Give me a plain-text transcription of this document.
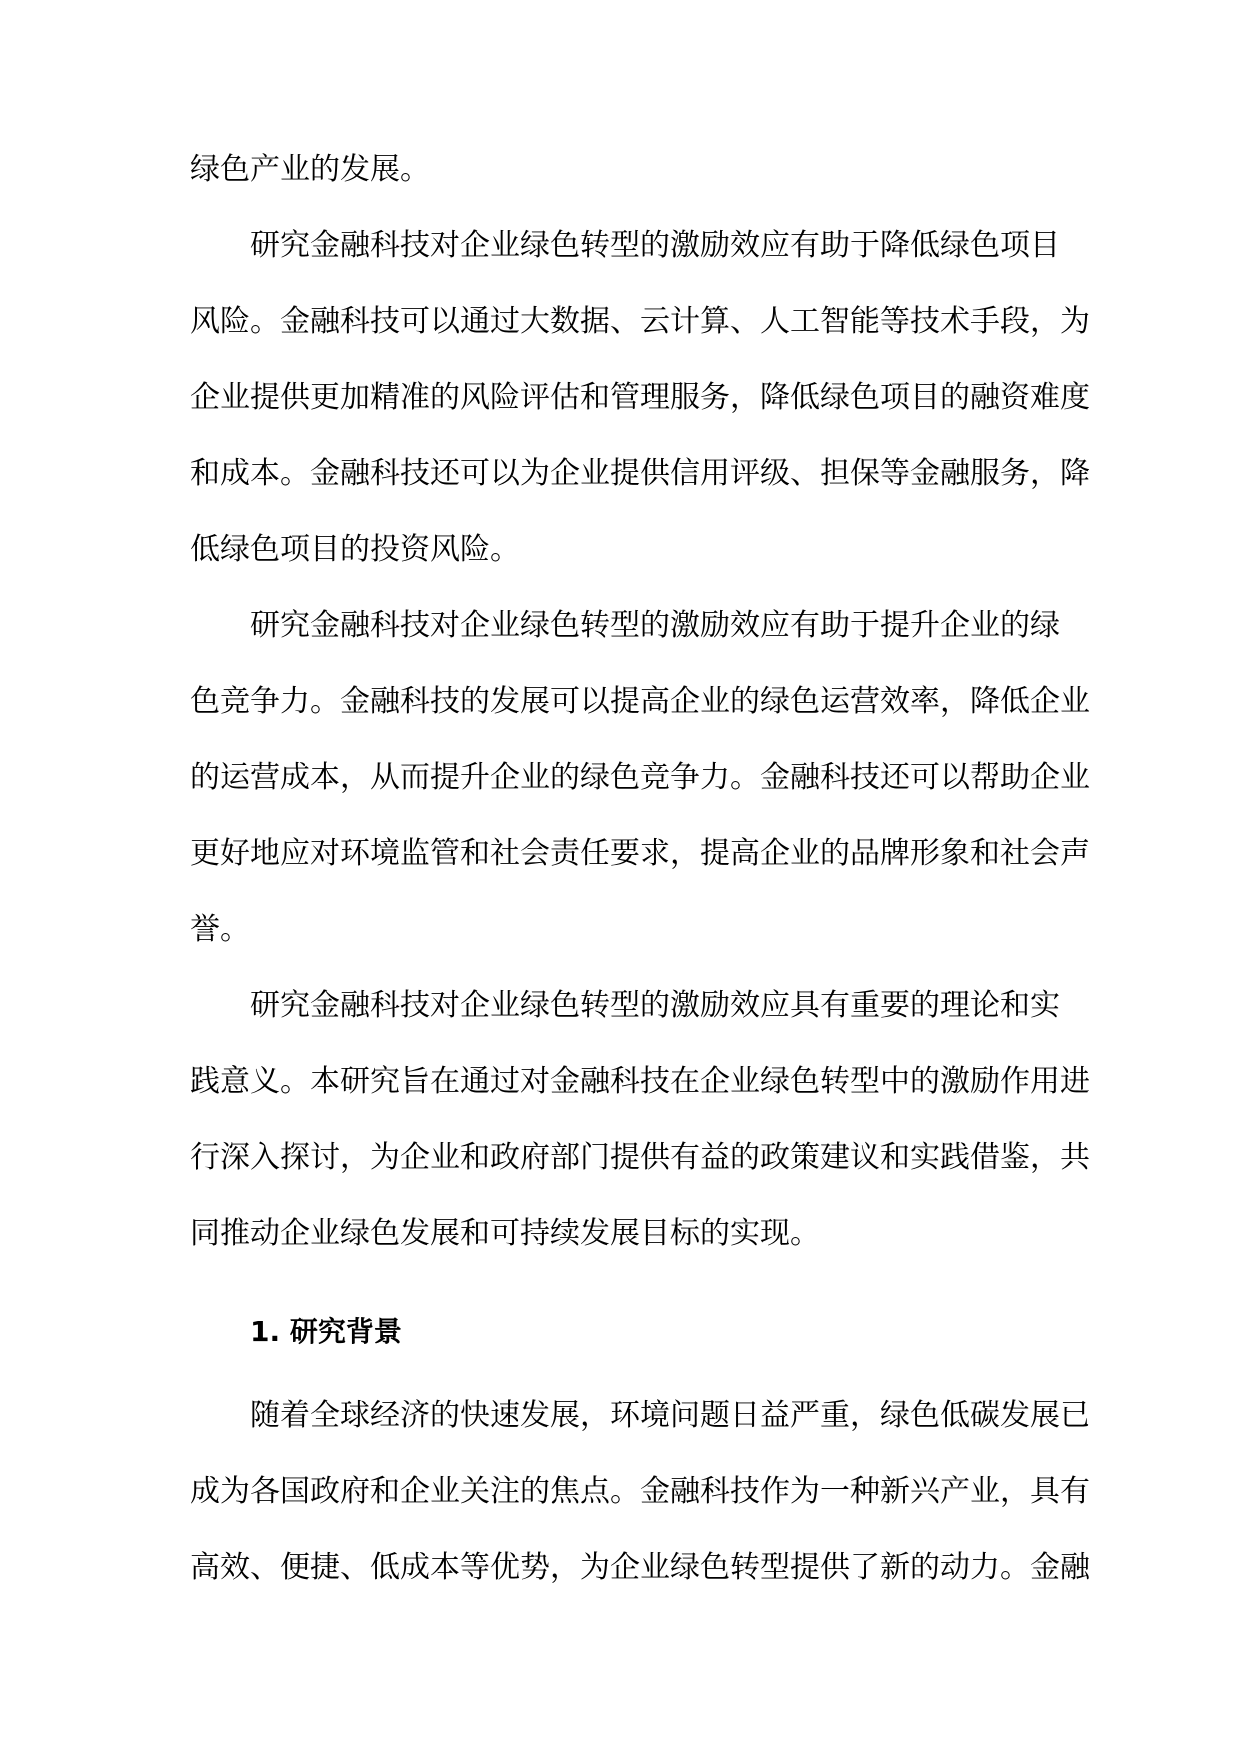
绿色产业的发展。

研究金融科技对企业绿色转型的激励效应有助于降低绿色项目

风险。金融科技可以通过大数据、云计算、人工智能等技术手段，为

企业提供更加精准的风险评估和管理服务，降低绿色项目的融资难度

和成本。金融科技还可以为企业提供信用评级、担保等金融服务，降

低绿色项目的投资风险。

研究金融科技对企业绿色转型的激励效应有助于提升企业的绿

色竞争力。金融科技的发展可以提高企业的绿色运营效率，降低企业

的运营成本，从而提升企业的绿色竞争力。金融科技还可以帮助企业

更好地应对环境监管和社会责任要求，提高企业的品牌形象和社会声

誉。

研究金融科技对企业绿色转型的激励效应具有重要的理论和实

践意义。本研究旨在通过对金融科技在企业绿色转型中的激励作用进

行深入探讨，为企业和政府部门提供有益的政策建议和实践借鉴，共

同推动企业绿色发展和可持续发展目标的实现。

1. 研究背景

随着全球经济的快速发展，环境问题日益严重，绿色低碳发展已

成为各国政府和企业关注的焦点。金融科技作为一种新兴产业，具有

高效、便捷、低成本等优势，为企业绿色转型提供了新的动力。金融
